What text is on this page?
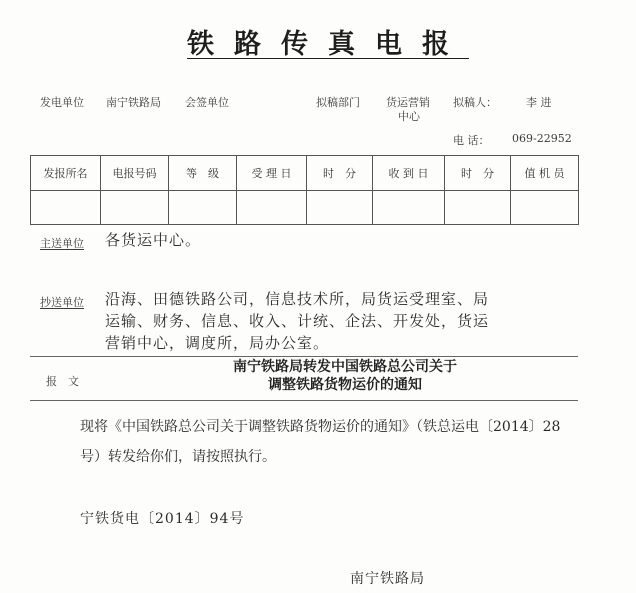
铁路传真电报
发电单位 南宁铁路局 会签单位	拟稿部门 货运营销
中心
拟稿人：	李 进
电 话： 069-22952
发报所名	电报号码	等　级	受 理 日	时　分	收 到 日	时　分	值 机 员

主送单位 各货运中心。
抄送单位 沿海、田德铁路公司，信息技术所，局货运受理室、局
运输、财务、信息、收入、计统、企法、开发处，货运
营销中心，调度所，局办公室。
报　文
南宁铁路局转发中国铁路总公司关于
调整铁路货物运价的通知
现将《中国铁路总公司关于调整铁路货物运价的通知》（铁总运电〔2014〕28号）转发给你们，请按照执行。
宁铁货电〔2014〕94号
南宁铁路局
